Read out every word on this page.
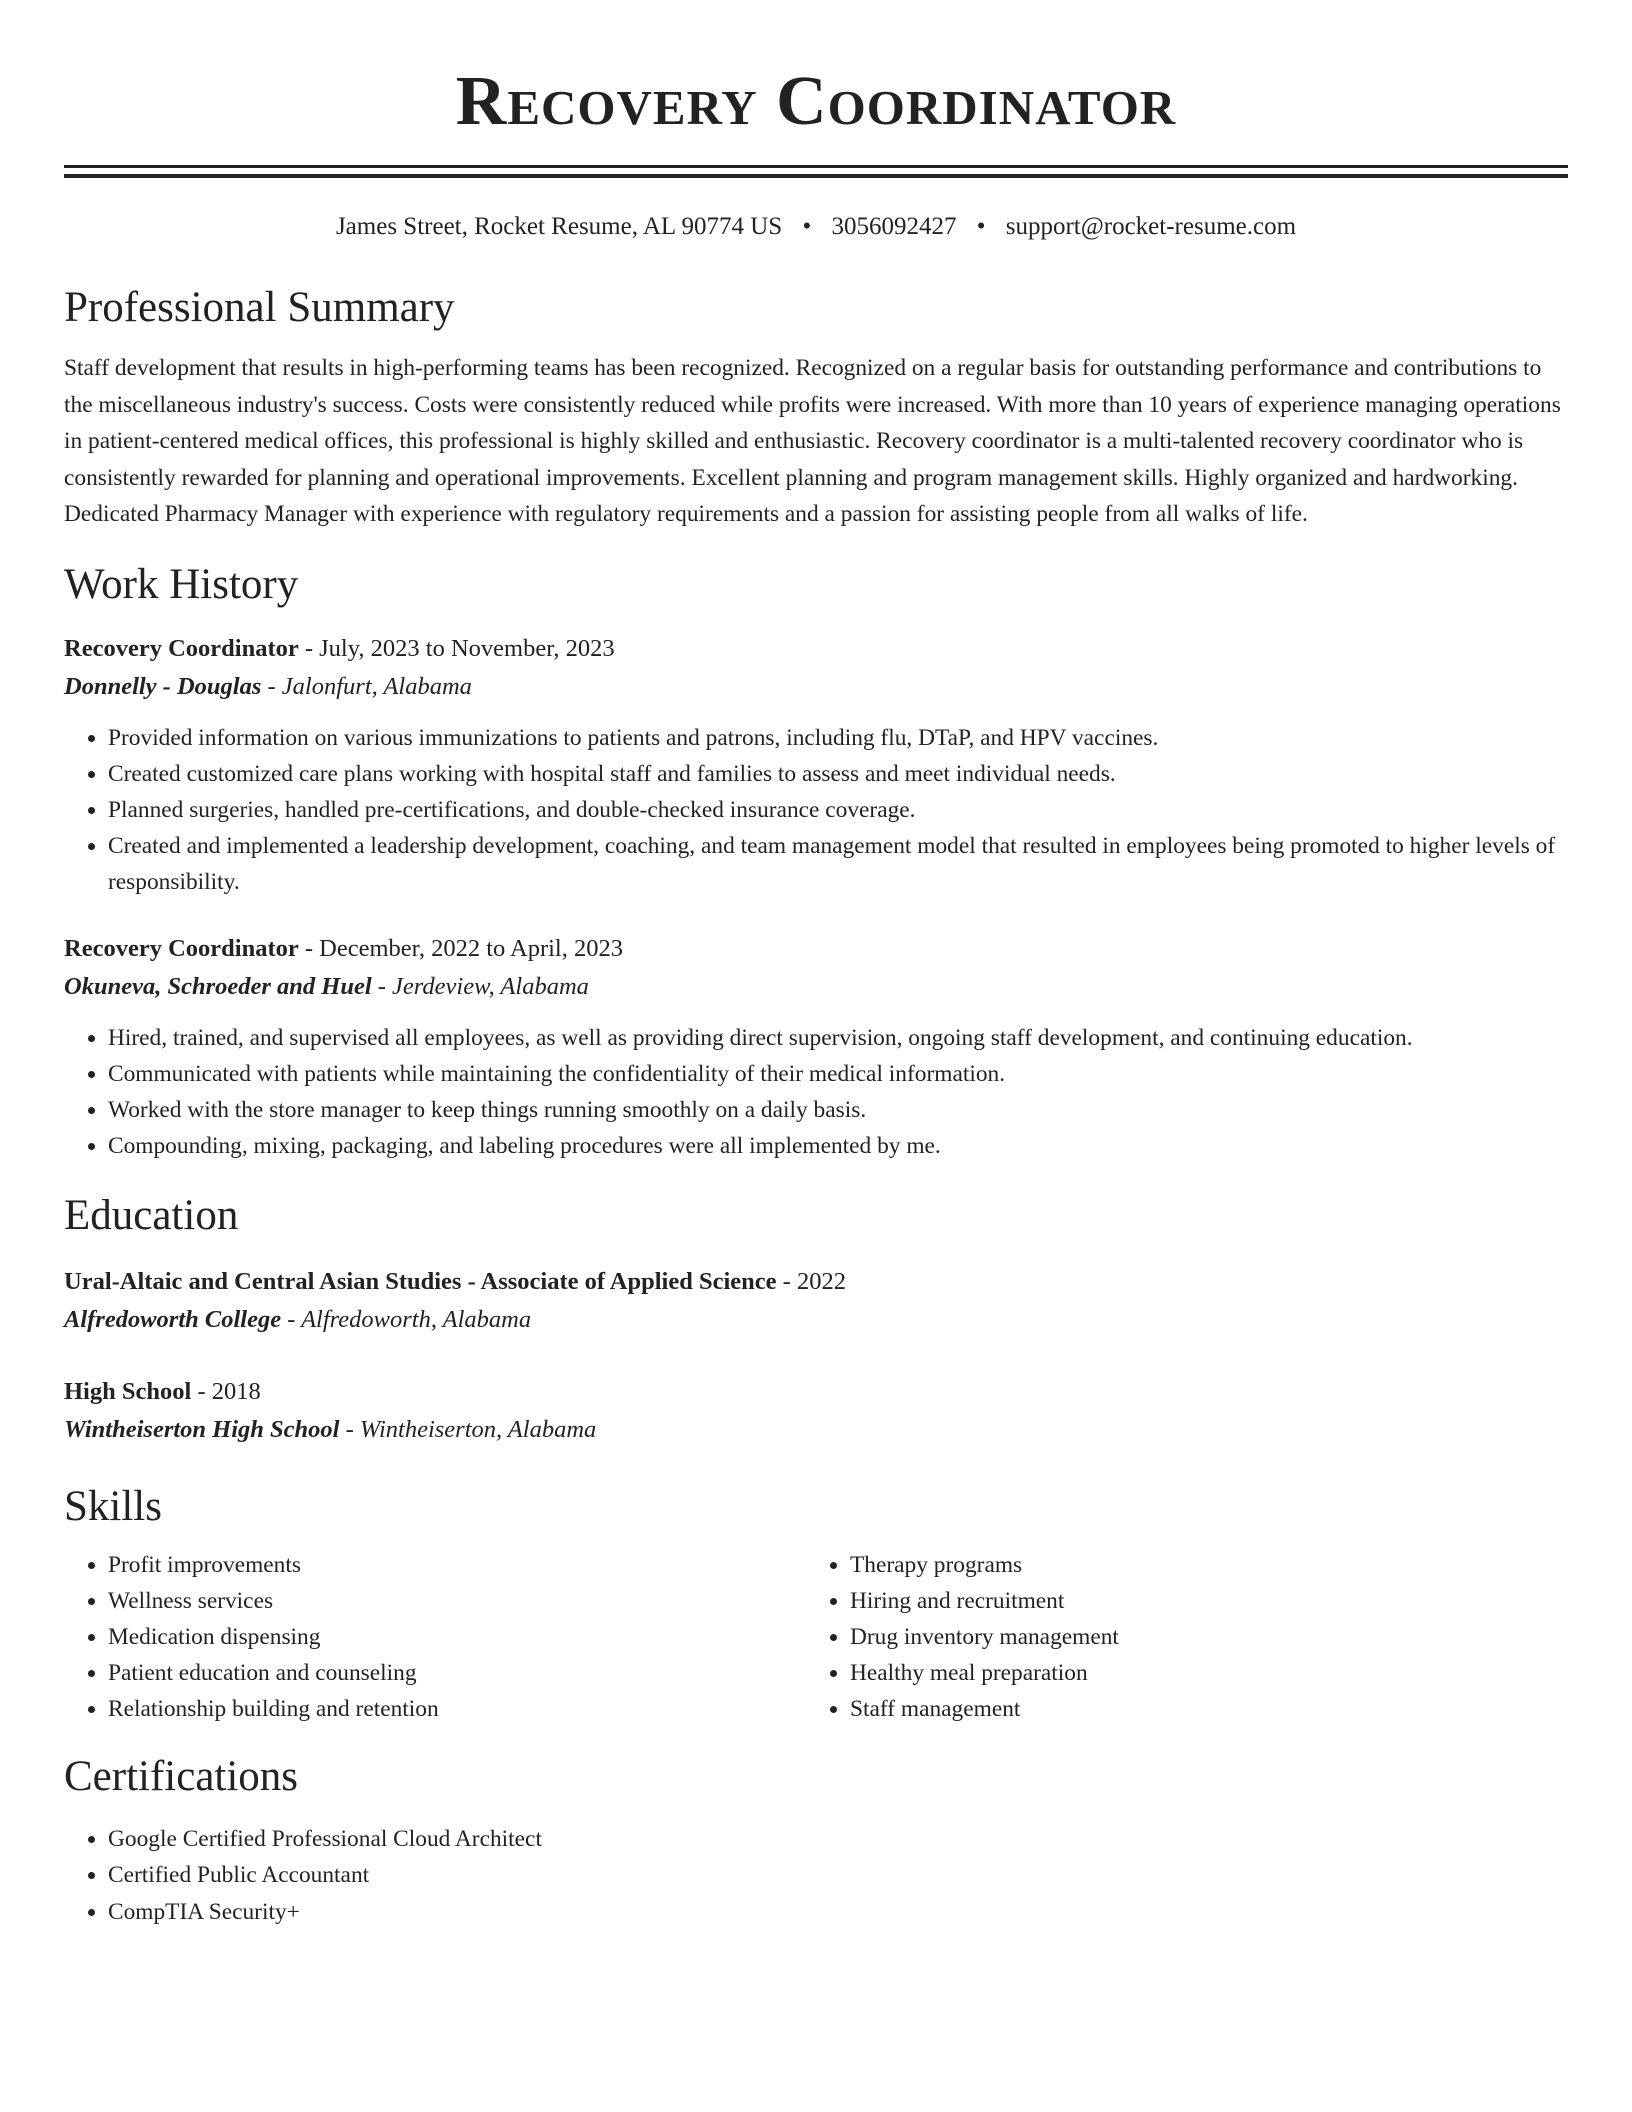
Recovery Coordinator
James Street, Rocket Resume, AL 90774 US • 3056092427 • support@rocket-resume.com
Professional Summary

Staff development that results in high-performing teams has been recognized. Recognized on a regular basis for outstanding performance and contributions to the miscellaneous industry's success. Costs were consistently reduced while profits were increased. With more than 10 years of experience managing operations in patient-centered medical offices, this professional is highly skilled and enthusiastic. Recovery coordinator is a multi-talented recovery coordinator who is consistently rewarded for planning and operational improvements. Excellent planning and program management skills. Highly organized and hardworking. Dedicated Pharmacy Manager with experience with regulatory requirements and a passion for assisting people from all walks of life.

Work History
Recovery Coordinator - July, 2023 to November, 2023
Donnelly - Douglas - Jalonfurt, Alabama
• Provided information on various immunizations to patients and patrons, including flu, DTaP, and HPV vaccines.
• Created customized care plans working with hospital staff and families to assess and meet individual needs.
• Planned surgeries, handled pre-certifications, and double-checked insurance coverage.
• Created and implemented a leadership development, coaching, and team management model that resulted in employees being promoted to higher levels of responsibility.
Recovery Coordinator - December, 2022 to April, 2023
Okuneva, Schroeder and Huel - Jerdeview, Alabama
• Hired, trained, and supervised all employees, as well as providing direct supervision, ongoing staff development, and continuing education.
• Communicated with patients while maintaining the confidentiality of their medical information.
• Worked with the store manager to keep things running smoothly on a daily basis.
• Compounding, mixing, packaging, and labeling procedures were all implemented by me.
Education
Ural-Altaic and Central Asian Studies - Associate of Applied Science - 2022
Alfredoworth College - Alfredoworth, Alabama
High School - 2018
Wintheiserton High School - Wintheiserton, Alabama
Skills
• Profit improvements
• Wellness services
• Medication dispensing
• Patient education and counseling
• Relationship building and retention
• Therapy programs
• Hiring and recruitment
• Drug inventory management
• Healthy meal preparation
• Staff management
Certifications
• Google Certified Professional Cloud Architect
• Certified Public Accountant
• CompTIA Security+
